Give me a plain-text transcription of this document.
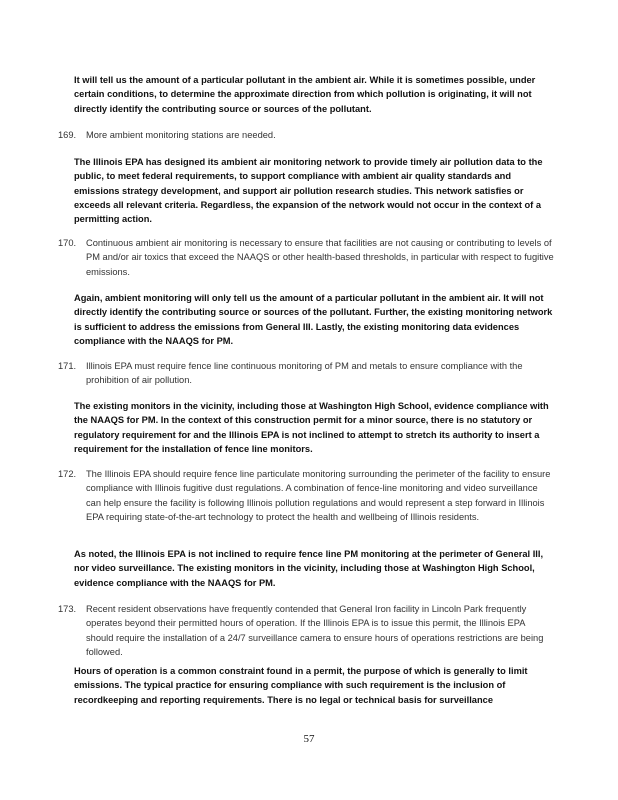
It will tell us the amount of a particular pollutant in the ambient air. While it is sometimes possible, under certain conditions, to determine the approximate direction from which pollution is originating, it will not directly identify the contributing source or sources of the pollutant.

169. More ambient monitoring stations are needed.

The Illinois EPA has designed its ambient air monitoring network to provide timely air pollution data to the public, to meet federal requirements, to support compliance with ambient air quality standards and emissions strategy development, and support air pollution research studies. This network satisfies or exceeds all relevant criteria. Regardless, the expansion of the network would not occur in the context of a permitting action.

170. Continuous ambient air monitoring is necessary to ensure that facilities are not causing or contributing to levels of PM and/or air toxics that exceed the NAAQS or other health-based thresholds, in particular with respect to fugitive emissions.

Again, ambient monitoring will only tell us the amount of a particular pollutant in the ambient air. It will not directly identify the contributing source or sources of the pollutant. Further, the existing monitoring network is sufficient to address the emissions from General III. Lastly, the existing monitoring data evidences compliance with the NAAQS for PM.

171. Illinois EPA must require fence line continuous monitoring of PM and metals to ensure compliance with the prohibition of air pollution.

The existing monitors in the vicinity, including those at Washington High School, evidence compliance with the NAAQS for PM. In the context of this construction permit for a minor source, there is no statutory or regulatory requirement for and the Illinois EPA is not inclined to attempt to stretch its authority to insert a requirement for the installation of fence line monitors.

172. The Illinois EPA should require fence line particulate monitoring surrounding the perimeter of the facility to ensure compliance with Illinois fugitive dust regulations. A combination of fence-line monitoring and video surveillance can help ensure the facility is following Illinois pollution regulations and would represent a step forward in Illinois EPA requiring state-of-the-art technology to protect the health and wellbeing of Illinois residents.

As noted, the Illinois EPA is not inclined to require fence line PM monitoring at the perimeter of General III, nor video surveillance. The existing monitors in the vicinity, including those at Washington High School, evidence compliance with the NAAQS for PM.

173. Recent resident observations have frequently contended that General Iron facility in Lincoln Park frequently operates beyond their permitted hours of operation. If the Illinois EPA is to issue this permit, the Illinois EPA should require the installation of a 24/7 surveillance camera to ensure hours of operations restrictions are being followed.

Hours of operation is a common constraint found in a permit, the purpose of which is generally to limit emissions. The typical practice for ensuring compliance with such requirement is the inclusion of recordkeeping and reporting requirements. There is no legal or technical basis for surveillance

57
